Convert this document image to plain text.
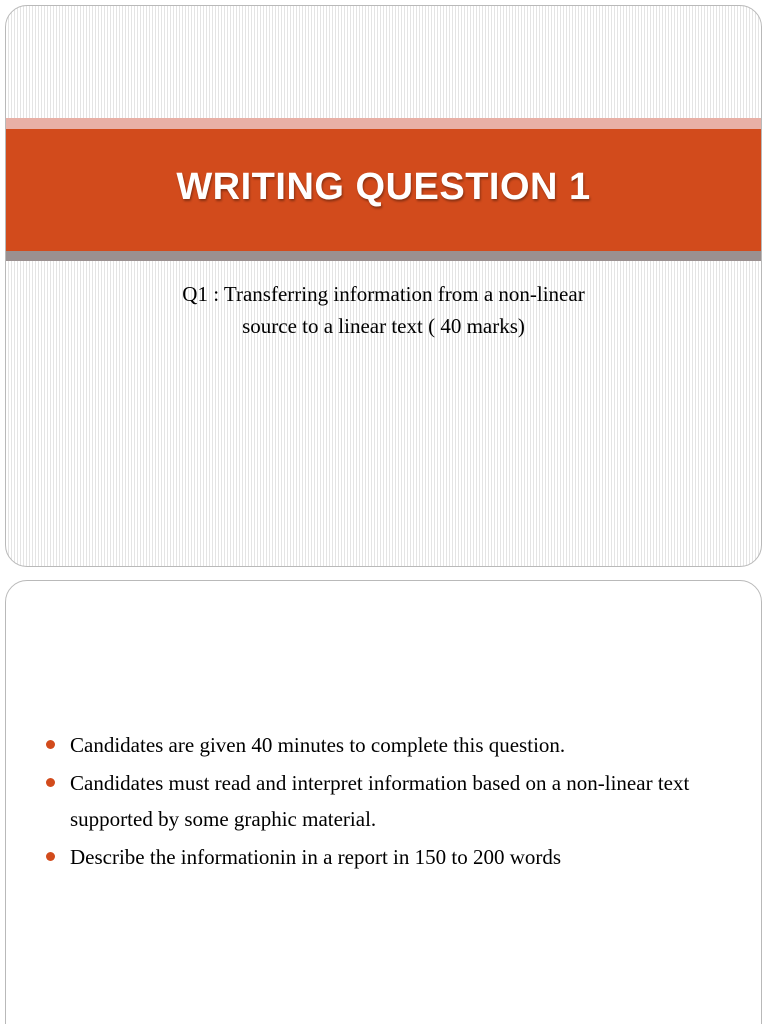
WRITING QUESTION 1
Q1 : Transferring information from a non-linear
source to a linear text ( 40 marks)
Candidates are given 40 minutes to complete this question.
Candidates must read and interpret information based on a non-linear text supported by some graphic material.
Describe the informationin in a report in 150 to 200 words
